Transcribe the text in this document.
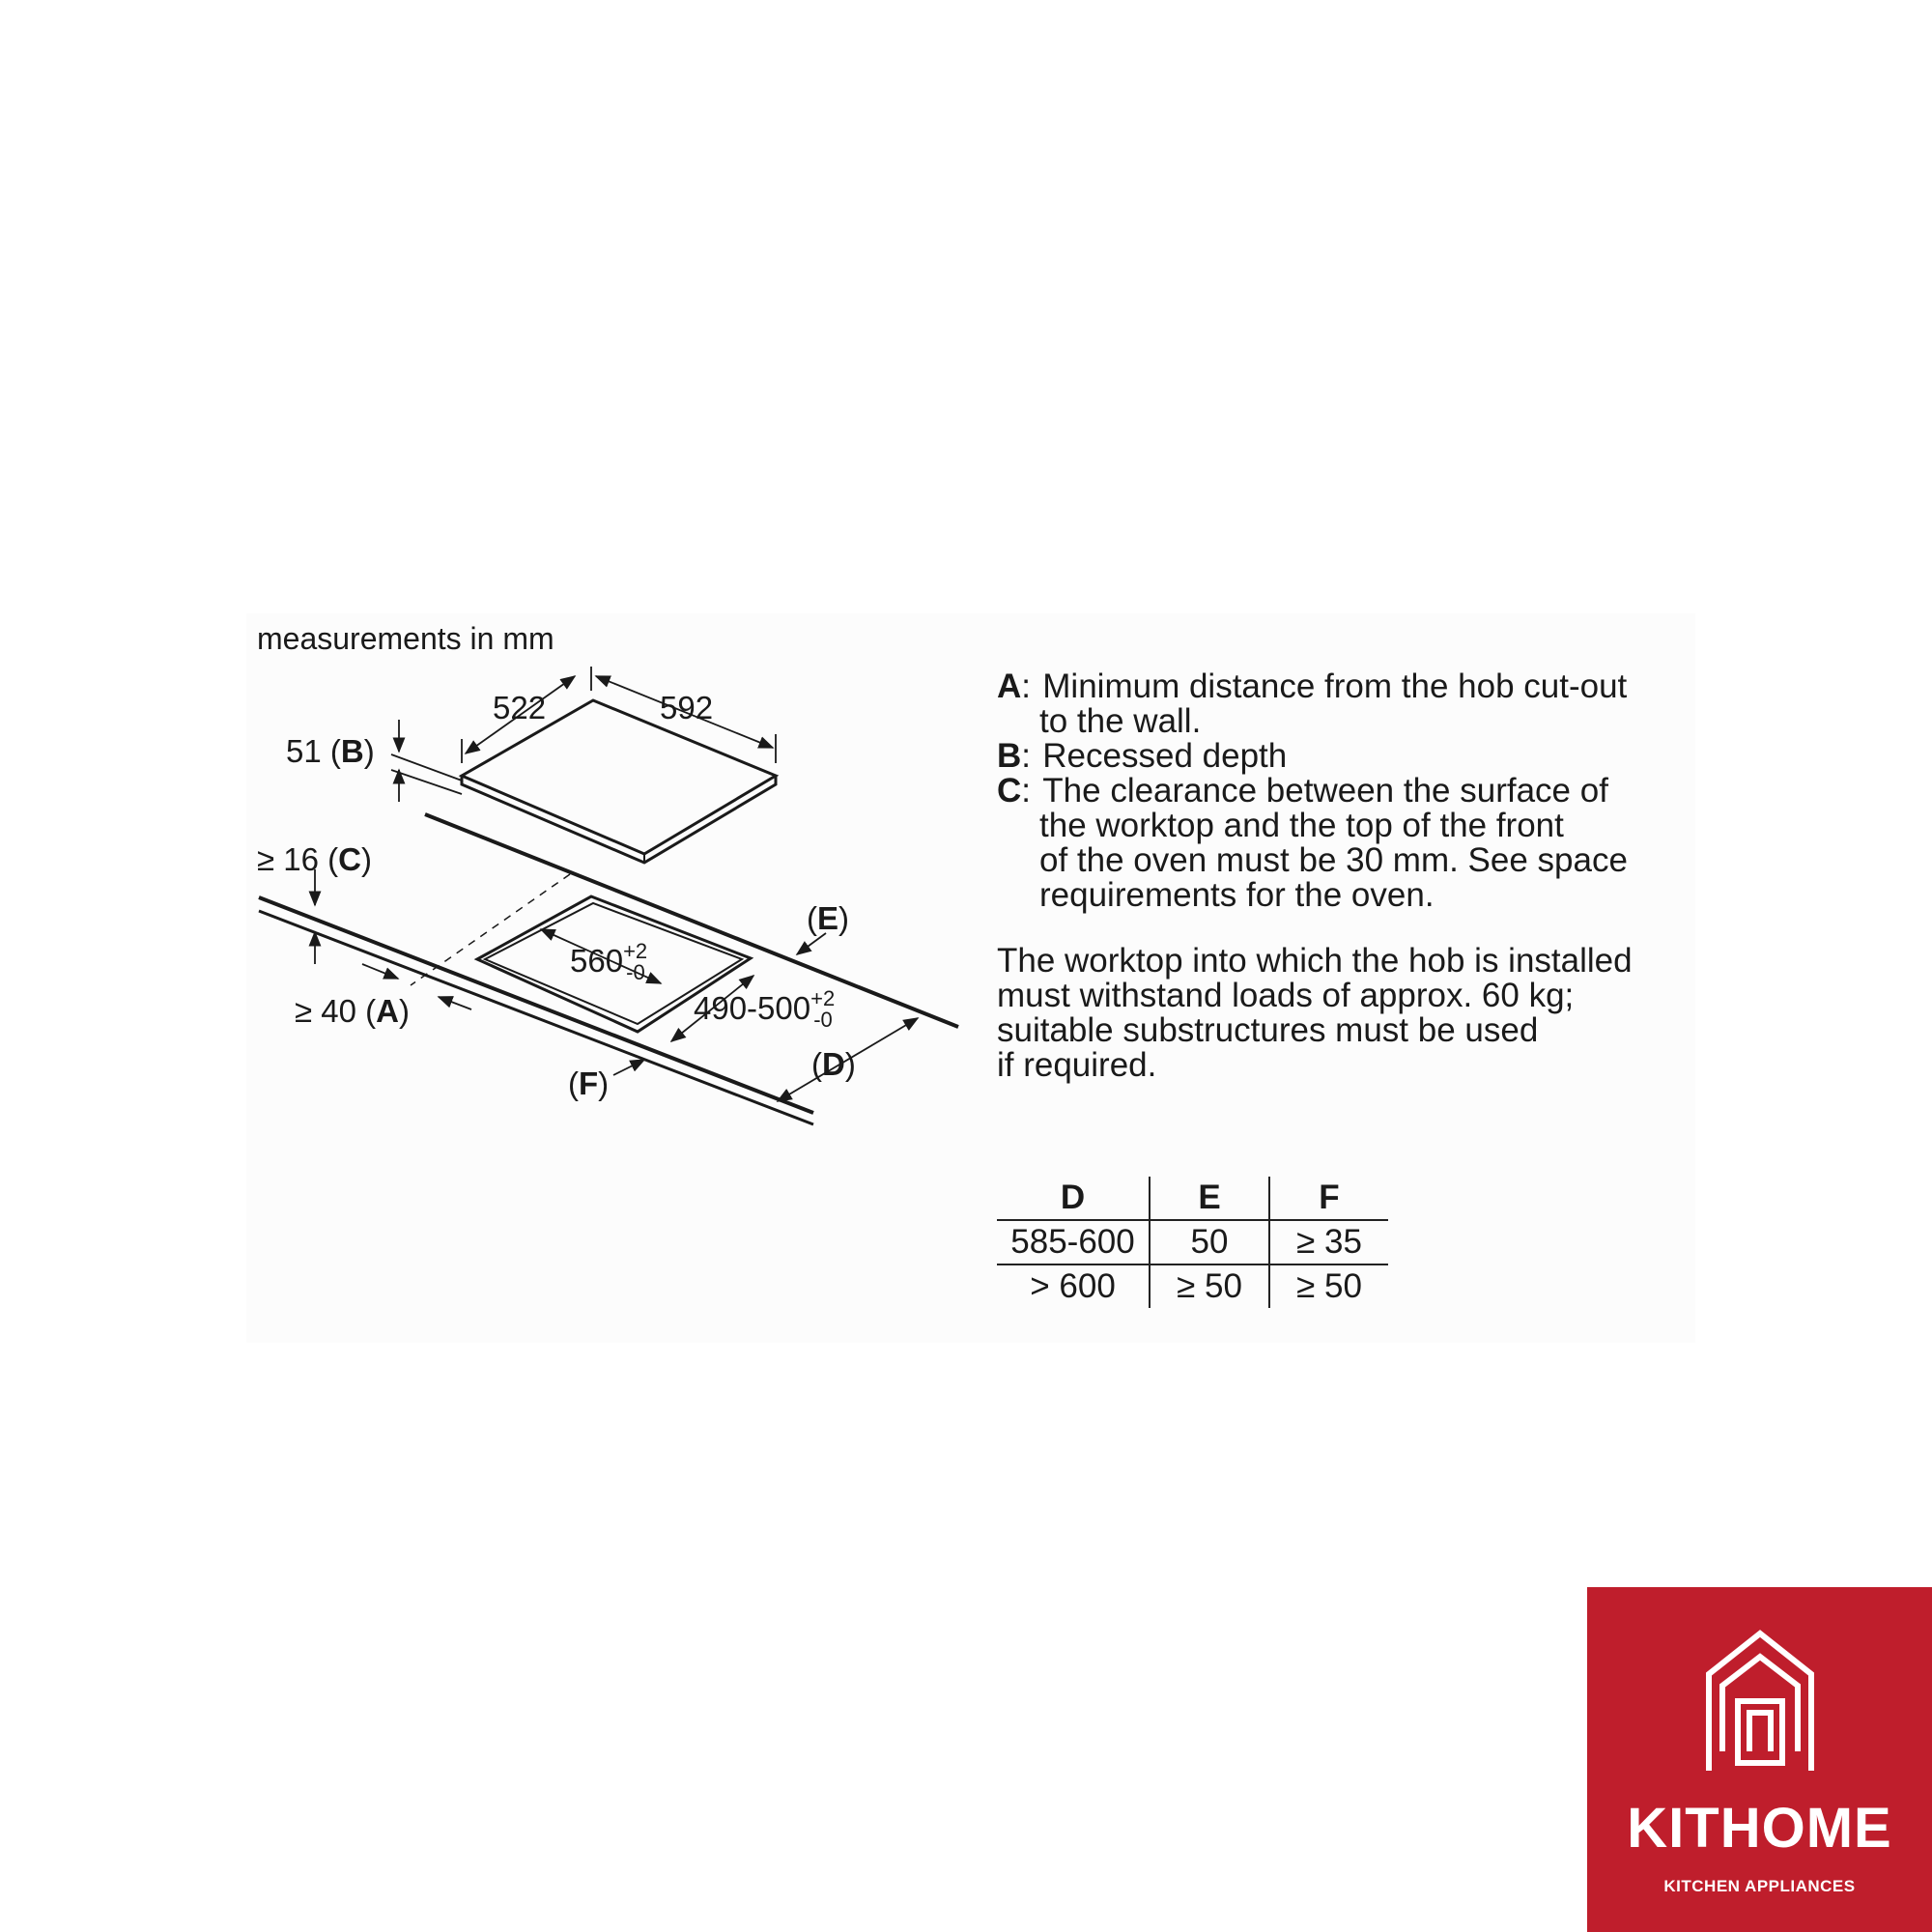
measurements in mm
522	592
51 (B)
≥ 16 (C)
≥ 40 (A)
$560^{+2}$ -0
$490-500^{+2}$ -0
(E)
(D)
(F)
A : Minimum distance from the hob cut-out
to the wall.
B : Recessed depth
C : The clearance between the surface of
the worktop and the top of the front
of the oven must be 30 mm. See space
requirements for the oven.
The worktop into which the hob is installed
must withstand loads of approx. 60 kg;
suitable substructures must be used
if required.
D	E	F
585-600	50	≥ 35
> 600	≥ 50	≥ 50
KITHOME
KITCHEN APPLIANCES
